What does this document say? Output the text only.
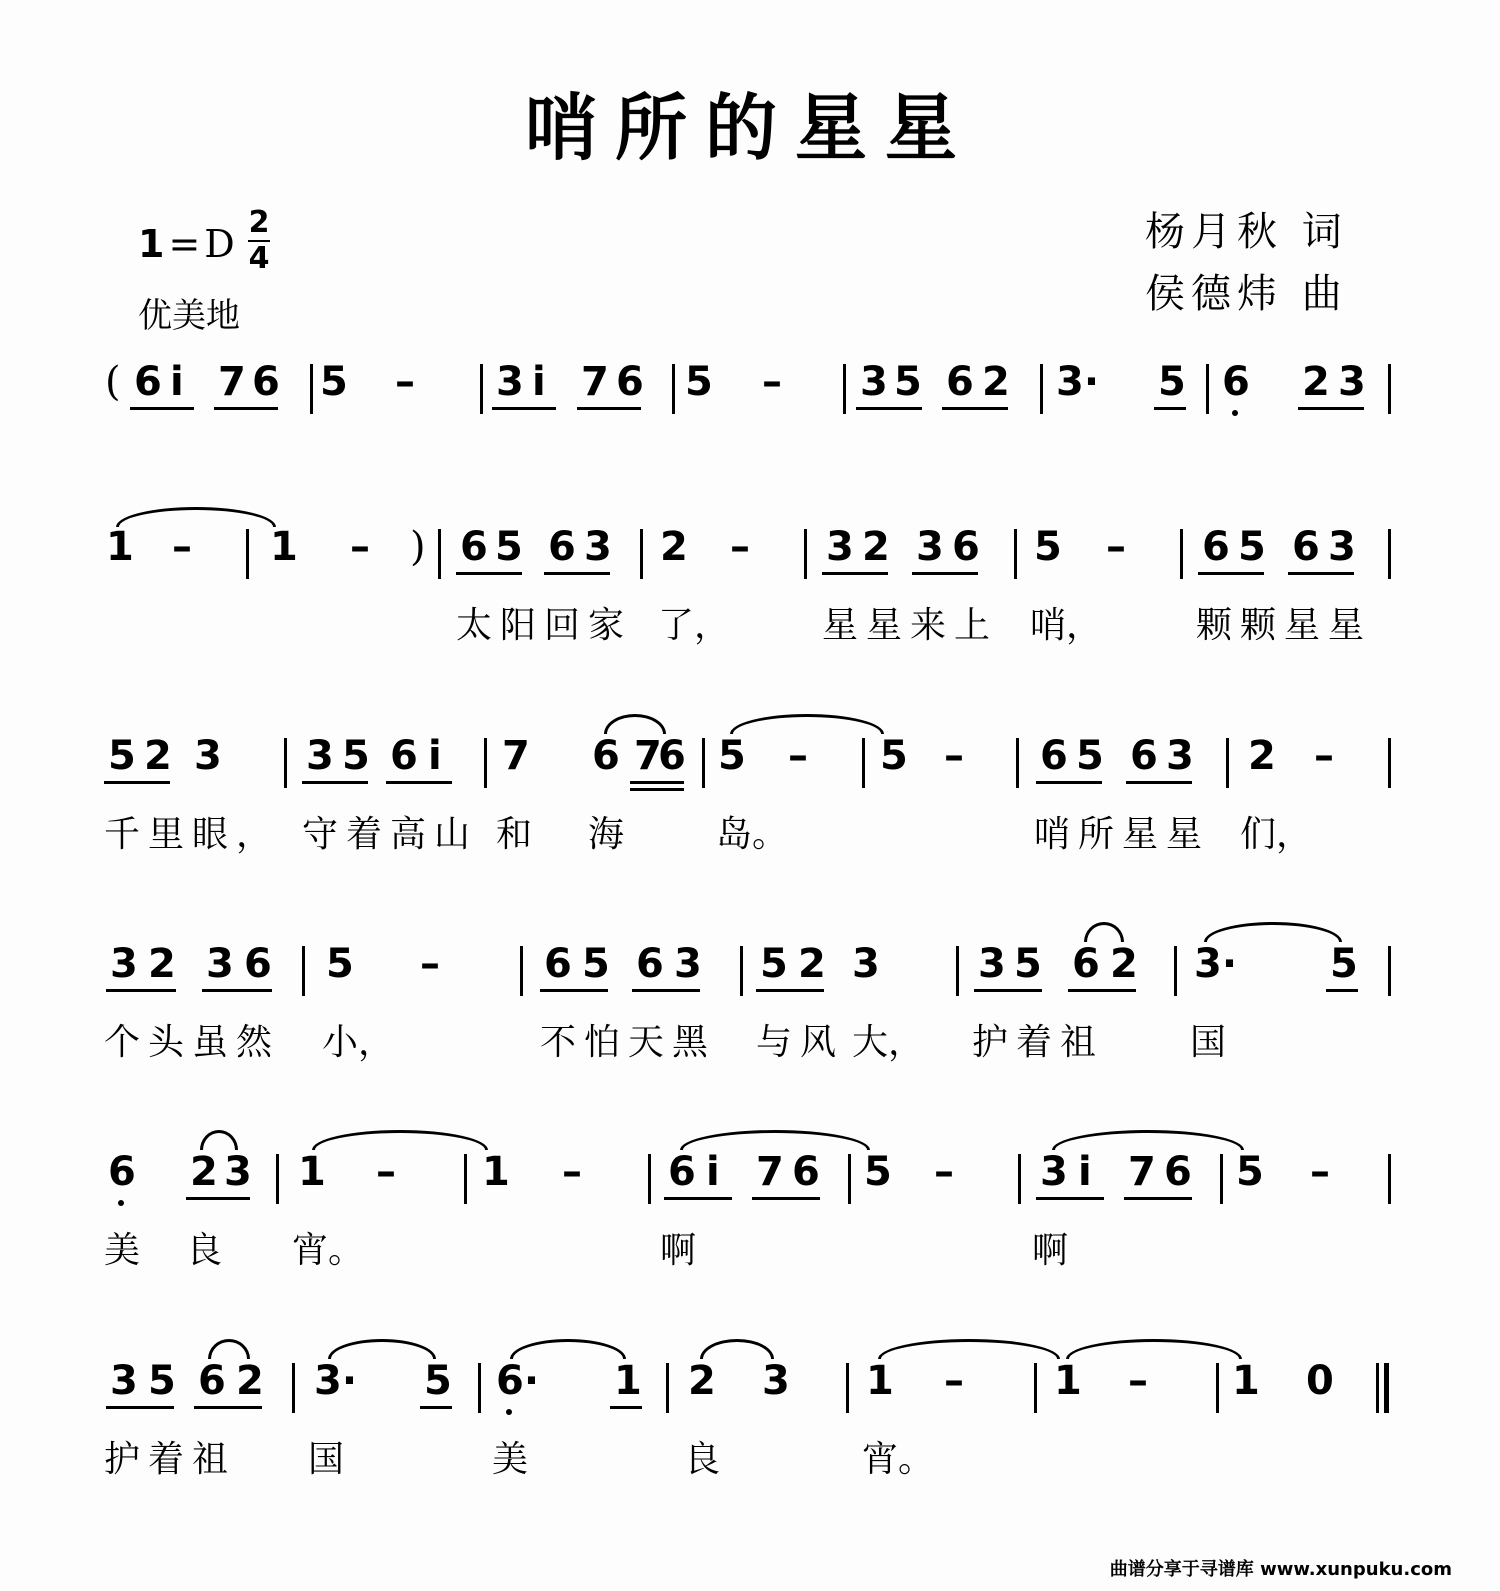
哨所的星星
1 = D 2
4
优美地
杨月秋 词
侯德炜 曲
( 6 i 7 6 5 – 3 i 7 6 5 – 3 5 6 2 3· 5 6 2 3
1 – 1 – ) 6 5 6 3 2 – 3 2 3 6 5 – 6 5 6 3
太阳回家 了，	星星来上 哨，	颗颗星星
5 2 3 3 5 6 i 7 6 7
6 5 – 5 – 6 5 6 3 2 –
千里眼， 守着高山 和 海	岛。	哨所星星 们，
3 2 3 6 5 –	6 5 6 3 5 2 3 3 5 6 2 3· 5
个头虽然 小，	不怕天黑 与风 大， 护着祖 国
6 2 3 1 – 1 – 6 i 7 6 5 – 3 i 7 6 5 –
美 良 宵。	啊	啊
3 5 6 2 3· 5 6· 1 2 3 1 – 1 – 1 0
护着祖 国	美	良	宵。
曲谱分享于寻谱库 www.xunpuku.com
